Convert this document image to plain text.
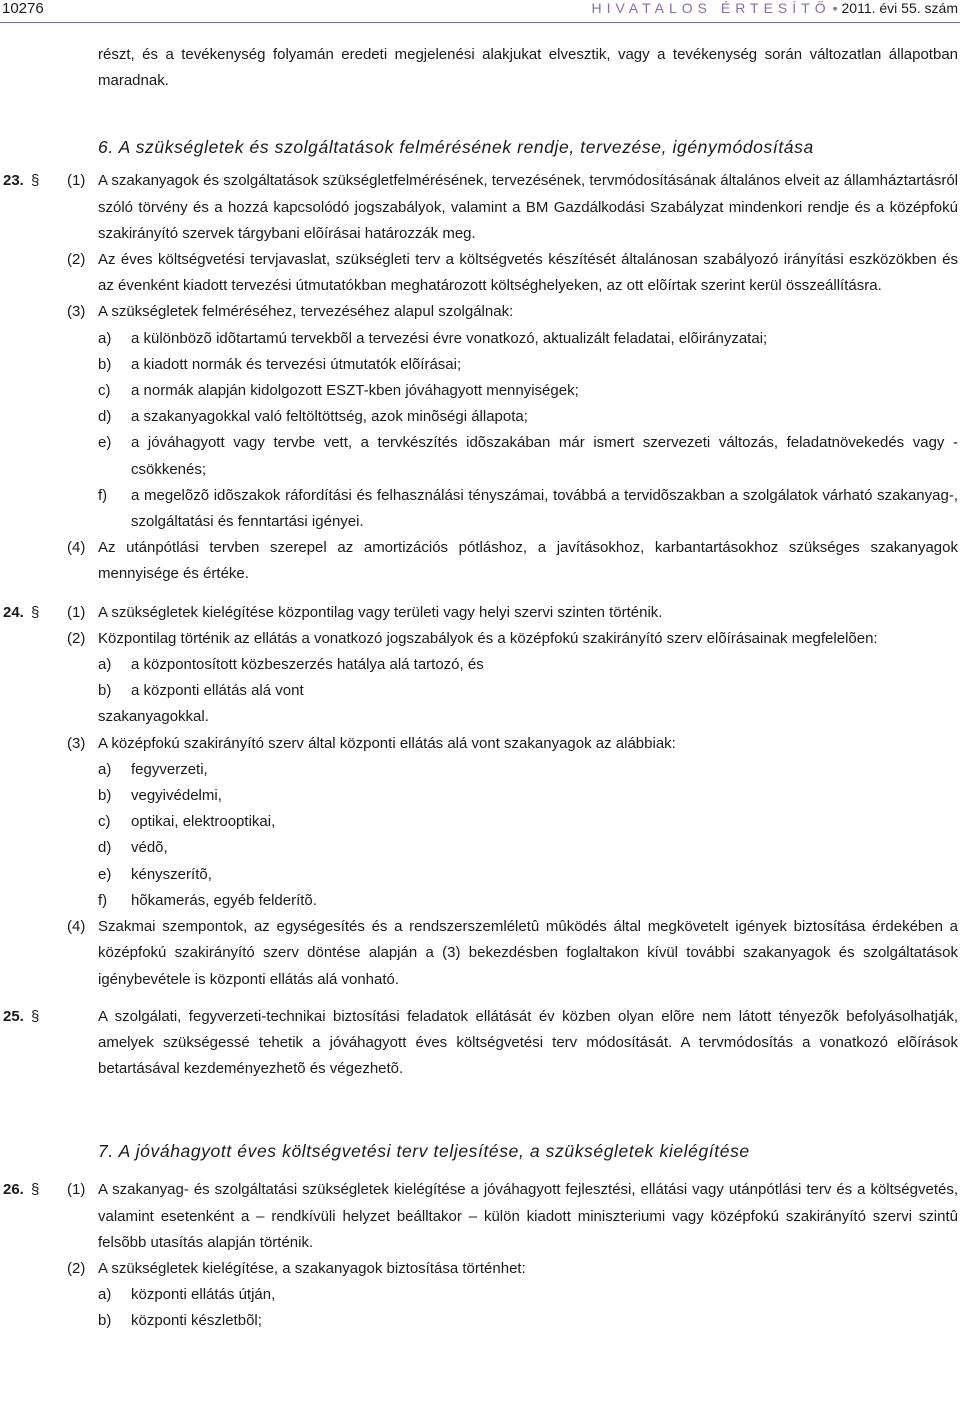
10276	HIVATALOS ÉRTESÍTŐ • 2011. évi 55. szám
részt, és a tevékenység folyamán eredeti megjelenési alakjukat elvesztik, vagy a tevékenység során változatlan állapotban maradnak.
6. A szükségletek és szolgáltatások felmérésének rendje, tervezése, igénymódosítása
23. § (1) A szakanyagok és szolgáltatások szükségletfelmérésének, tervezésének, tervmódosításának általános elveit az államháztartásról szóló törvény és a hozzá kapcsolódó jogszabályok, valamint a BM Gazdálkodási Szabályzat mindenkori rendje és a középfokú szakirányító szervek tárgybani elõírásai határozzák meg.
(2) Az éves költségvetési tervjavaslat, szükségleti terv a költségvetés készítését általánosan szabályozó irányítási eszközökben és az évenként kiadott tervezési útmutatókban meghatározott költséghelyeken, az ott elõírtak szerint kerül összeállításra.
(3) A szükségletek felméréséhez, tervezéséhez alapul szolgálnak:
a) a különbözõ idõtartamú tervekbõl a tervezési évre vonatkozó, aktualizált feladatai, elõirányzatai;
b) a kiadott normák és tervezési útmutatók elõírásai;
c) a normák alapján kidolgozott ESZT-kben jóváhagyott mennyiségek;
d) a szakanyagokkal való feltöltöttség, azok minõségi állapota;
e) a jóváhagyott vagy tervbe vett, a tervkészítés idõszakában már ismert szervezeti változás, feladatnövekedés vagy -csökkenés;
f) a megelõzõ idõszakok ráfordítási és felhasználási tényszámai, továbbá a tervidõszakban a szolgálatok várható szakanyag-, szolgáltatási és fenntartási igényei.
(4) Az utánpótlási tervben szerepel az amortizációs pótláshoz, a javításokhoz, karbantartásokhoz szükséges szakanyagok mennyisége és értéke.
24. § (1) A szükségletek kielégítése központilag vagy területi vagy helyi szervi szinten történik.
(2) Központilag történik az ellátás a vonatkozó jogszabályok és a középfokú szakirányító szerv elõírásainak megfelelõen:
a) a központosított közbeszerzés hatálya alá tartozó, és
b) a központi ellátás alá vont
szakanyagokkal.
(3) A középfokú szakirányító szerv által központi ellátás alá vont szakanyagok az alábbiak:
a) fegyverzeti,
b) vegyivédelmi,
c) optikai, elektrooptikai,
d) védõ,
e) kényszerítõ,
f) hõkamerás, egyéb felderítõ.
(4) Szakmai szempontok, az egységesítés és a rendszerszemléletû mûködés által megkövetelt igények biztosítása érdekében a középfokú szakirányító szerv döntése alapján a (3) bekezdésben foglaltakon kívül további szakanyagok és szolgáltatások igénybevétele is központi ellátás alá vonható.
25. §	A szolgálati, fegyverzeti-technikai biztosítási feladatok ellátását év közben olyan elõre nem látott tényezõk befolyásolhatják, amelyek szükségessé tehetik a jóváhagyott éves költségvetési terv módosítását. A tervmódosítás a vonatkozó elõírások betartásával kezdeményezhetõ és végezhetõ.
7. A jóváhagyott éves költségvetési terv teljesítése, a szükségletek kielégítése
26. § (1) A szakanyag- és szolgáltatási szükségletek kielégítése a jóváhagyott fejlesztési, ellátási vagy utánpótlási terv és a költségvetés, valamint esetenként a – rendkívüli helyzet beálltakor – külön kiadott miniszteriumi vagy középfokú szakirányító szervi szintû felsõbb utasítás alapján történik.
(2) A szükségletek kielégítése, a szakanyagok biztosítása történhet:
a) központi ellátás útján,
b) központi készletbõl;
